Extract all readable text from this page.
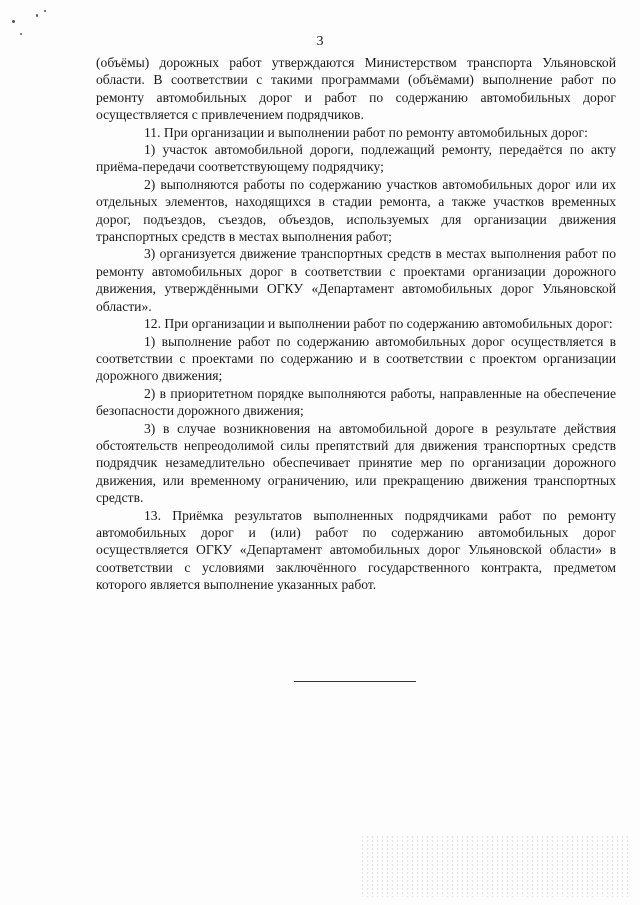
3

(объёмы) дорожных работ утверждаются Министерством транспорта Ульяновской области. В соответствии с такими программами (объёмами) выполнение работ по ремонту автомобильных дорог и работ по содержанию автомобильных дорог осуществляется с привлечением подрядчиков.

11. При организации и выполнении работ по ремонту автомобильных дорог:

1) участок автомобильной дороги, подлежащий ремонту, передаётся по акту приёма-передачи соответствующему подрядчику;

2) выполняются работы по содержанию участков автомобильных дорог или их отдельных элементов, находящихся в стадии ремонта, а также участков временных дорог, подъездов, съездов, объездов, используемых для организации движения транспортных средств в местах выполнения работ;

3) организуется движение транспортных средств в местах выполнения работ по ремонту автомобильных дорог в соответствии с проектами организации дорожного движения, утверждёнными ОГКУ «Департамент автомобильных дорог Ульяновской области».

12. При организации и выполнении работ по содержанию автомобильных дорог:

1) выполнение работ по содержанию автомобильных дорог осуществляется в соответствии с проектами по содержанию и в соответствии с проектом организации дорожного движения;

2) в приоритетном порядке выполняются работы, направленные на обеспечение безопасности дорожного движения;

3) в случае возникновения на автомобильной дороге в результате действия обстоятельств непреодолимой силы препятствий для движения транспортных средств подрядчик незамедлительно обеспечивает принятие мер по организации дорожного движения, или временному ограничению, или прекращению движения транспортных средств.

13. Приёмка результатов выполненных подрядчиками работ по ремонту автомобильных дорог и (или) работ по содержанию автомобильных дорог осуществляется ОГКУ «Департамент автомобильных дорог Ульяновской области» в соответствии с условиями заключённого государственного контракта, предметом которого является выполнение указанных работ.
